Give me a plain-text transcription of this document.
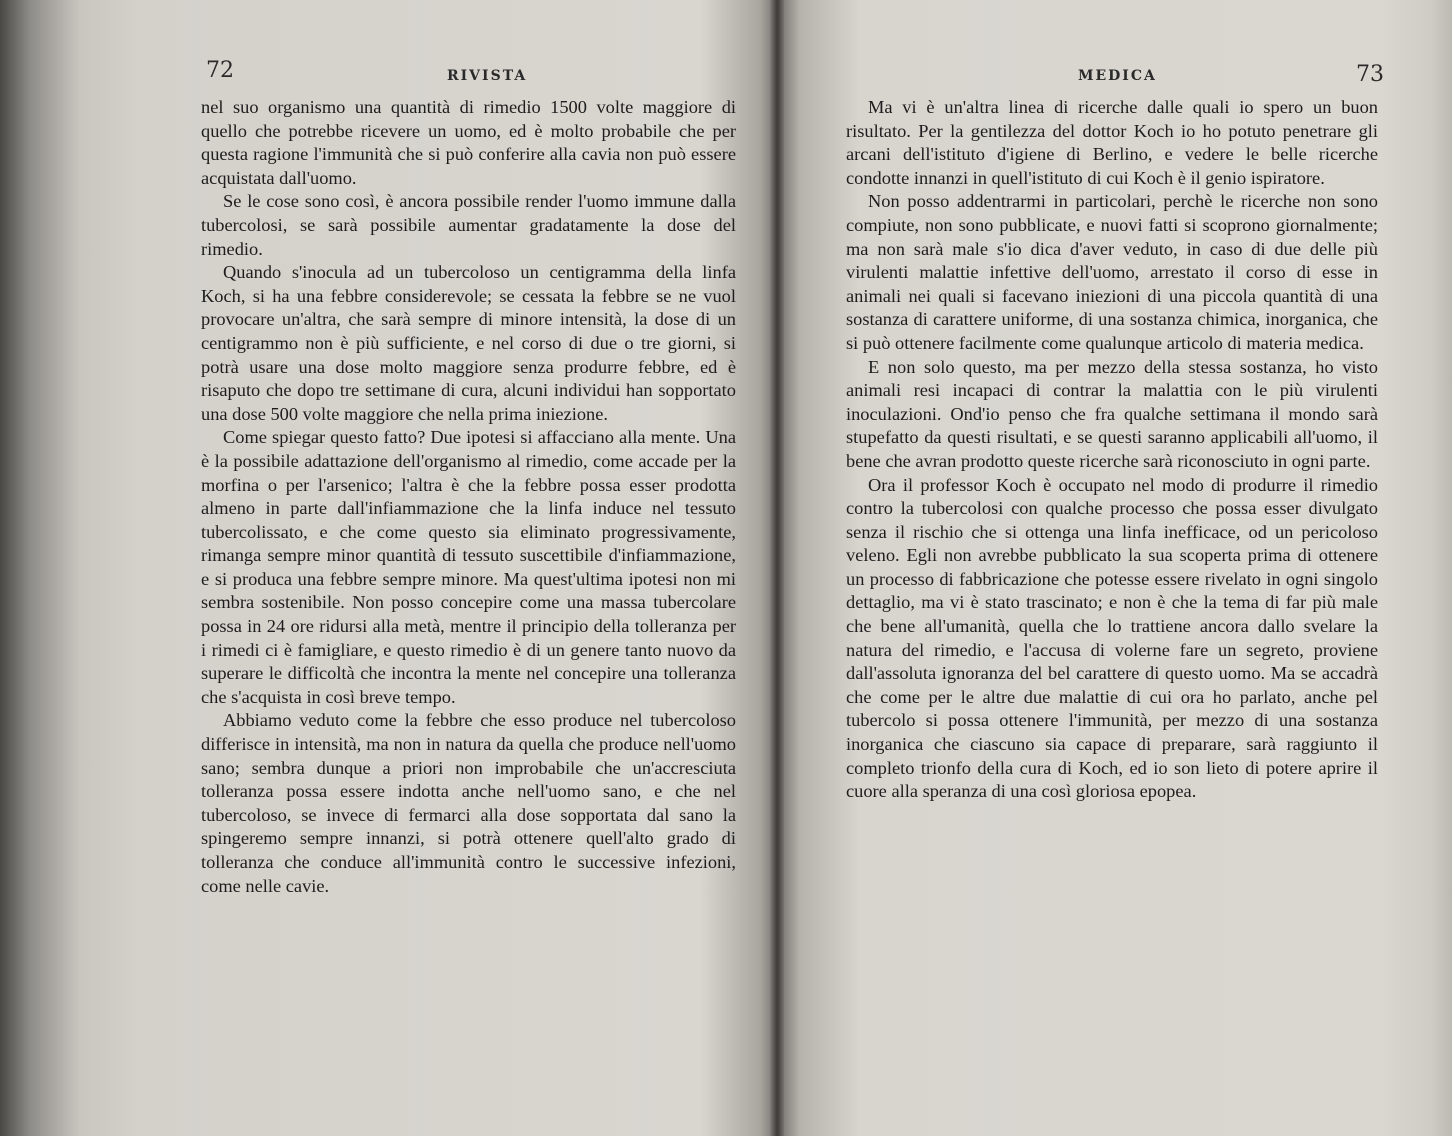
72	RIVISTA

nel suo organismo una quantità di rimedio 1500 volte maggiore di quello che potrebbe ricevere un uomo, ed è molto probabile che per questa ragione l'immunità che si può conferire alla cavia non può essere acquistata dall'uomo.

Se le cose sono così, è ancora possibile render l'uomo immune dalla tubercolosi, se sarà possibile aumentar gradatamente la dose del rimedio.

Quando s'inocula ad un tubercoloso un centigramma della linfa Koch, si ha una febbre considerevole; se cessata la febbre se ne vuol provocare un'altra, che sarà sempre di minore intensità, la dose di un centigrammo non è più sufficiente, e nel corso di due o tre giorni, si potrà usare una dose molto maggiore senza produrre febbre, ed è risaputo che dopo tre settimane di cura, alcuni individui han sopportato una dose 500 volte maggiore che nella prima iniezione.

Come spiegar questo fatto? Due ipotesi si affacciano alla mente. Una è la possibile adattazione dell'organismo al rimedio, come accade per la morfina o per l'arsenico; l'altra è che la febbre possa esser prodotta almeno in parte dall'infiammazione che la linfa induce nel tessuto tubercolissato, e che come questo sia eliminato progressivamente, rimanga sempre minor quantità di tessuto suscettibile d'infiammazione, e si produca una febbre sempre minore. Ma quest'ultima ipotesi non mi sembra sostenibile. Non posso concepire come una massa tubercolare possa in 24 ore ridursi alla metà, mentre il principio della tolleranza per i rimedi ci è famigliare, e questo rimedio è di un genere tanto nuovo da superare le difficoltà che incontra la mente nel concepire una tolleranza che s'acquista in così breve tempo.

Abbiamo veduto come la febbre che esso produce nel tubercoloso differisce in intensità, ma non in natura da quella che produce nell'uomo sano; sembra dunque a priori non improbabile che un'accresciuta tolleranza possa essere indotta anche nell'uomo sano, e che nel tubercoloso, se invece di fermarci alla dose sopportata dal sano la spingeremo sempre innanzi, si potrà ottenere quell'alto grado di tolleranza che conduce all'immunità contro le successive infezioni, come nelle cavie.

MEDICA	73

Ma vi è un'altra linea di ricerche dalle quali io spero un buon risultato. Per la gentilezza del dottor Koch io ho potuto penetrare gli arcani dell'istituto d'igiene di Berlino, e vedere le belle ricerche condotte innanzi in quell'istituto di cui Koch è il genio ispiratore.

Non posso addentrarmi in particolari, perchè le ricerche non sono compiute, non sono pubblicate, e nuovi fatti si scoprono giornalmente; ma non sarà male s'io dica d'aver veduto, in caso di due delle più virulenti malattie infettive dell'uomo, arrestato il corso di esse in animali nei quali si facevano iniezioni di una piccola quantità di una sostanza di carattere uniforme, di una sostanza chimica, inorganica, che si può ottenere facilmente come qualunque articolo di materia medica.

E non solo questo, ma per mezzo della stessa sostanza, ho visto animali resi incapaci di contrar la malattia con le più virulenti inoculazioni. Ond'io penso che fra qualche settimana il mondo sarà stupefatto da questi risultati, e se questi saranno applicabili all'uomo, il bene che avran prodotto queste ricerche sarà riconosciuto in ogni parte.

Ora il professor Koch è occupato nel modo di produrre il rimedio contro la tubercolosi con qualche processo che possa esser divulgato senza il rischio che si ottenga una linfa inefficace, od un pericoloso veleno. Egli non avrebbe pubblicato la sua scoperta prima di ottenere un processo di fabbricazione che potesse essere rivelato in ogni singolo dettaglio, ma vi è stato trascinato; e non è che la tema di far più male che bene all'umanità, quella che lo trattiene ancora dallo svelare la natura del rimedio, e l'accusa di volerne fare un segreto, proviene dall'assoluta ignoranza del bel carattere di questo uomo. Ma se accadrà che come per le altre due malattie di cui ora ho parlato, anche pel tubercolo si possa ottenere l'immunità, per mezzo di una sostanza inorganica che ciascuno sia capace di preparare, sarà raggiunto il completo trionfo della cura di Koch, ed io son lieto di potere aprire il cuore alla speranza di una così gloriosa epopea.
